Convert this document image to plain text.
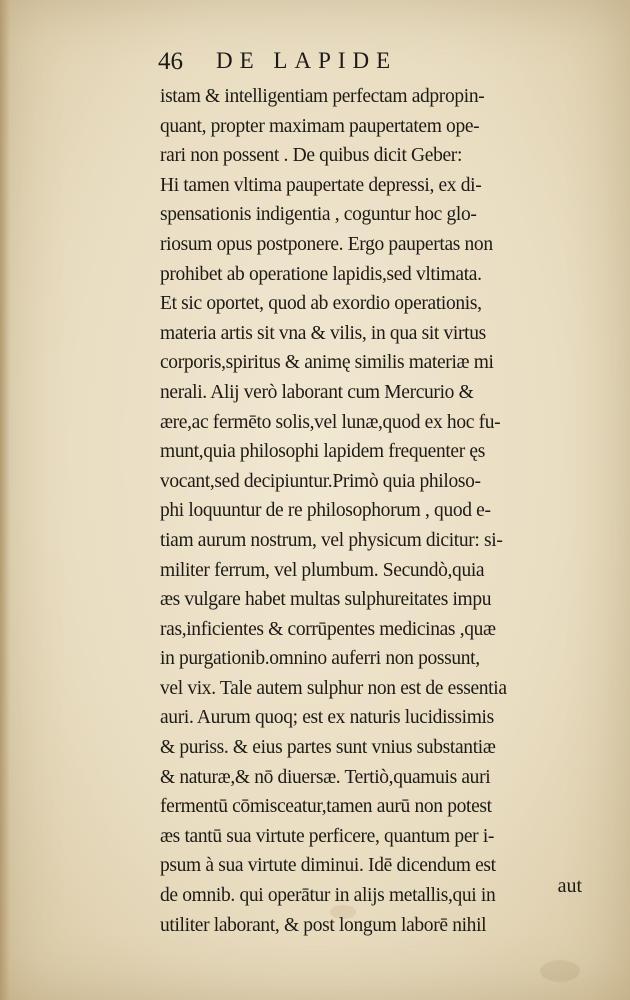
46 DE LAPIDE
istam & intelligentiam perfectam adpropin-
quant, propter maximam paupertatem ope-
rari non possent . De quibus dicit Geber:
Hi tamen vltima paupertate depressi, ex di-
spensationis indigentia , coguntur hoc glo-
riosum opus postponere. Ergo paupertas non
prohibet ab operatione lapidis,sed vltimata.
Et sic oportet, quod ab exordio operationis,
materia artis sit vna & vilis, in qua sit virtus
corporis,spiritus & animę similis materiæ mi
nerali. Alij verò laborant cum Mercurio &
ære,ac fermēto solis,vel lunæ,quod ex hoc fu-
munt,quia philosophi lapidem frequenter ęs
vocant,sed decipiuntur.Primò quia philoso-
phi loquuntur de re philosophorum , quod e-
tiam aurum nostrum, vel physicum dicitur: si-
militer ferrum, vel plumbum. Secundò,quia
æs vulgare habet multas sulphureitates impu
ras,inficientes & corrūpentes medicinas ,quæ
in purgationib.omnino auferri non possunt,
vel vix. Tale autem sulphur non est de essentia
auri. Aurum quoq; est ex naturis lucidissimis
& puriss. & eius partes sunt vnius substantiæ
& naturæ,& nō diuersæ. Tertiò,quamuis auri
fermentū cōmisceatur,tamen aurū non potest
æs tantū sua virtute perficere, quantum per i-
psum à sua virtute diminui. Idē dicendum est
de omnib. qui operātur in alijs metallis,qui in
utiliter laborant, & post longum laborē nihil
aut
